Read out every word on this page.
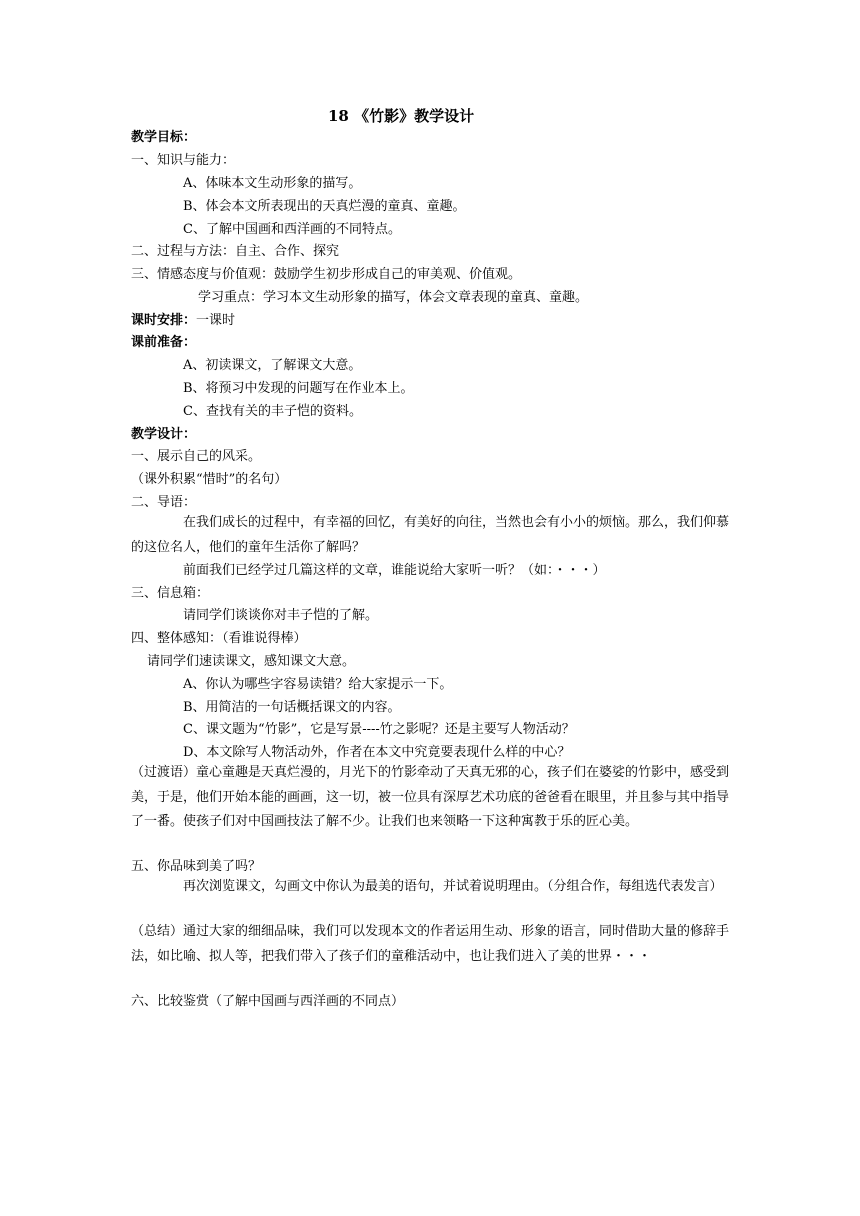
18 《竹影》教学设计
教学目标：
一、知识与能力：
A、体味本文生动形象的描写。
B、体会本文所表现出的天真烂漫的童真、童趣。
C、了解中国画和西洋画的不同特点。
二、过程与方法：自主、合作、探究
三、情感态度与价值观：鼓励学生初步形成自己的审美观、价值观。
学习重点：学习本文生动形象的描写，体会文章表现的童真、童趣。
课时安排：一课时
课前准备：
A、初读课文，了解课文大意。
B、将预习中发现的问题写在作业本上。
C、查找有关的丰子恺的资料。
教学设计：
一、展示自己的风采。
（课外积累“惜时”的名句）
二、导语：
在我们成长的过程中，有幸福的回忆，有美好的向往，当然也会有小小的烦恼。那么，我们仰慕的这位名人，他们的童年生活你了解吗？
前面我们已经学过几篇这样的文章，谁能说给大家听一听？（如：・・・）
三、信息箱：
请同学们谈谈你对丰子恺的了解。
四、整体感知：（看谁说得棒）
请同学们速读课文，感知课文大意。
A、你认为哪些字容易读错？给大家提示一下。
B、用简洁的一句话概括课文的内容。
C、课文题为“竹影”，它是写景----竹之影呢？还是主要写人物活动？
D、本文除写人物活动外，作者在本文中究竟要表现什么样的中心？
（过渡语）童心童趣是天真烂漫的，月光下的竹影牵动了天真无邪的心，孩子们在婆娑的竹影中，感受到美，于是，他们开始本能的画画，这一切，被一位具有深厚艺术功底的爸爸看在眼里，并且参与其中指导了一番。使孩子们对中国画技法了解不少。让我们也来领略一下这种寓教于乐的匠心美。
五、你品味到美了吗？
再次浏览课文，勾画文中你认为最美的语句，并试着说明理由。（分组合作，每组选代表发言）
（总结）通过大家的细细品味，我们可以发现本文的作者运用生动、形象的语言，同时借助大量的修辞手法，如比喻、拟人等，把我们带入了孩子们的童稚活动中，也让我们进入了美的世界・・・
六、比较鉴赏（了解中国画与西洋画的不同点）
